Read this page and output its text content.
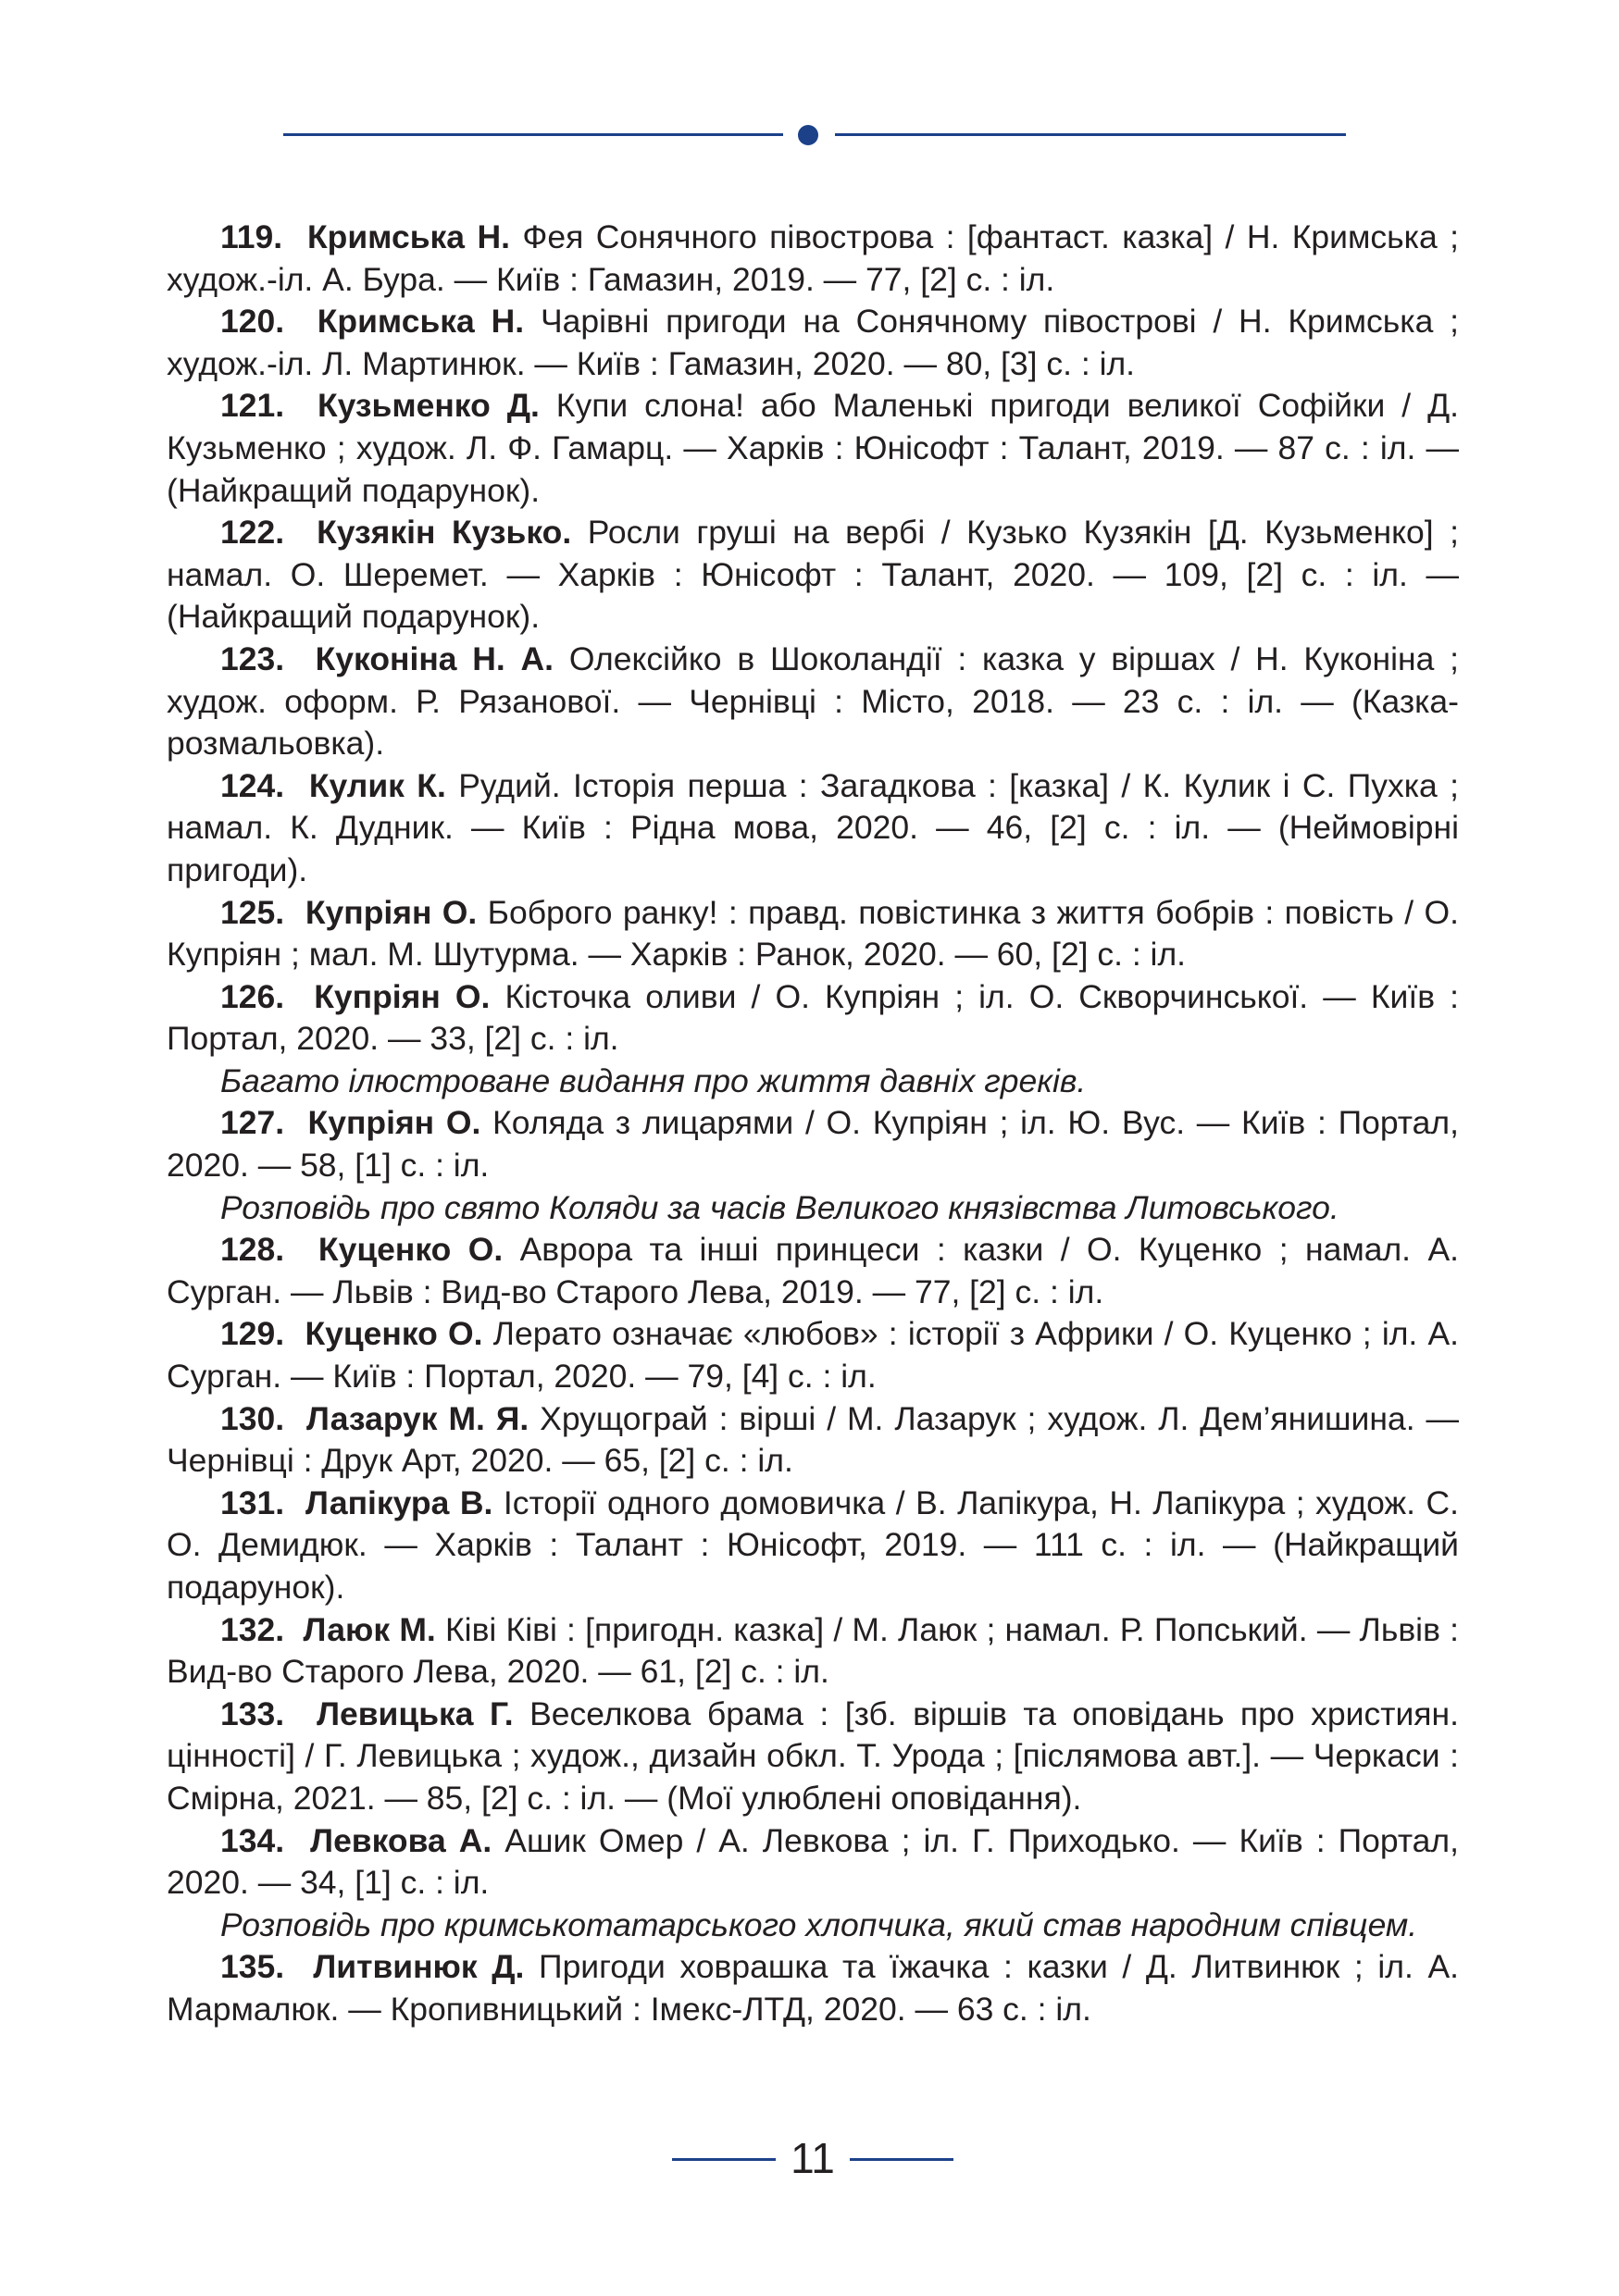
119. Кримська Н. Фея Сонячного півострова : [фантаст. казка] / Н. Кримська ; худож.-іл. А. Бура. — Київ : Гамазин, 2019. — 77, [2] с. : іл.

120. Кримська Н. Чарівні пригоди на Сонячному півострові / Н. Кримська ; худож.-іл. Л. Мартинюк. — Київ : Гамазин, 2020. — 80, [3] с. : іл.

121. Кузьменко Д. Купи слона! або Маленькі пригоди великої Софійки / Д. Кузьменко ; худож. Л. Ф. Гамарц. — Харків : Юнісофт : Талант, 2019. — 87 с. : іл. — (Найкращий подарунок).

122. Кузякін Кузько. Росли груші на вербі / Кузько Кузякін [Д. Кузьменко] ; намал. О. Шеремет. — Харків : Юнісофт : Талант, 2020. — 109, [2] с. : іл. — (Найкращий подарунок).

123. Куконіна Н. А. Олексійко в Шоколандії : казка у віршах / Н. Куконіна ; худож. оформ. Р. Рязанової. — Чернівці : Місто, 2018. — 23 с. : іл. — (Казка-розмальовка).

124. Кулик К. Рудий. Історія перша : Загадкова : [казка] / К. Кулик і С. Пухка ; намал. К. Дудник. — Київ : Рідна мова, 2020. — 46, [2] с. : іл. — (Неймовірні пригоди).

125. Купріян О. Боброго ранку! : правд. повістинка з життя бобрів : повість / О. Купріян ; мал. М. Шутурма. — Харків : Ранок, 2020. — 60, [2] с. : іл.

126. Купріян О. Кісточка оливи / О. Купріян ; іл. О. Скворчинської. — Київ : Портал, 2020. — 33, [2] с. : іл.

Багато ілюстроване видання про життя давніх греків.

127. Купріян О. Коляда з лицарями / О. Купріян ; іл. Ю. Вус. — Київ : Портал, 2020. — 58, [1] с. : іл.

Розповідь про свято Коляди за часів Великого князівства Литовського.

128. Куценко О. Аврора та інші принцеси : казки / О. Куценко ; намал. А. Сурган. — Львів : Вид-во Старого Лева, 2019. — 77, [2] с. : іл.

129. Куценко О. Лерато означає «любов» : історії з Африки / О. Куценко ; іл. А. Сурган. — Київ : Портал, 2020. — 79, [4] с. : іл.

130. Лазарук М. Я. Хрущограй : вірші / М. Лазарук ; худож. Л. Дем’янишина. — Чернівці : Друк Арт, 2020. — 65, [2] с. : іл.

131. Лапікура В. Історії одного домовичка / В. Лапікура, Н. Лапікура ; худож. С. О. Демидюк. — Харків : Талант : Юнісофт, 2019. — 111 с. : іл. — (Найкращий подарунок).

132. Лаюк М. Ківі Ківі : [пригодн. казка] / М. Лаюк ; намал. Р. Попський. — Львів : Вид-во Старого Лева, 2020. — 61, [2] с. : іл.

133. Левицька Г. Веселкова брама : [зб. віршів та оповідань про християн. цінності] / Г. Левицька ; худож., дизайн обкл. Т. Урода ; [післямова авт.]. — Черкаси : Смірна, 2021. — 85, [2] с. : іл. — (Мої улюблені оповідання).

134. Левкова А. Ашик Омер / А. Левкова ; іл. Г. Приходько. — Київ : Портал, 2020. — 34, [1] с. : іл.

Розповідь про кримськотатарського хлопчика, який став народним співцем.

135. Литвинюк Д. Пригоди ховрашка та їжачка : казки / Д. Литвинюк ; іл. А. Мармалюк. — Кропивницький : Імекс-ЛТД, 2020. — 63 с. : іл.

11
